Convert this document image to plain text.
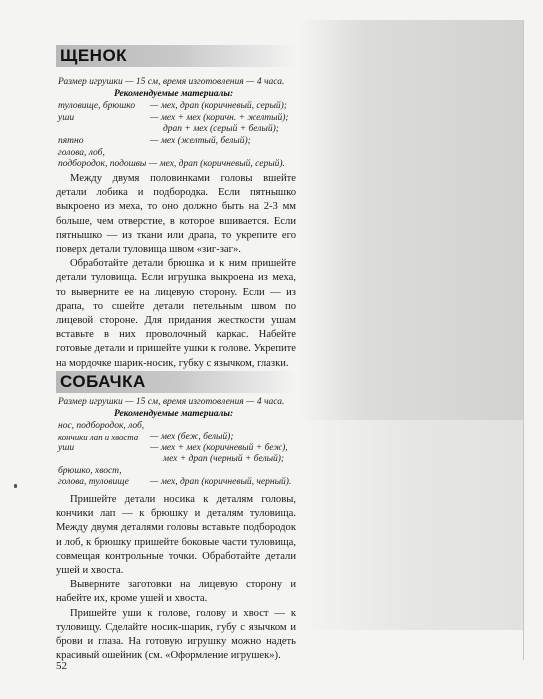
ЩЕНОК
Размер игрушки — 15 см, время изготовления — 4 часа.
Рекомендуемые материалы:
туловище, брюшко — мех, драп (коричневый, серый);
уши	— мех + мех (коричн. + желтый);
драп + мех (серый + белый);
пятно	— мех (желтый, белый);
голова, лоб,
подбородок, подошвы — мех, драп (коричневый, серый).

Между двумя половинками головы вшейте детали лобика и подбородка. Если пятнышко выкроено из меха, то оно должно быть на 2-3 мм больше, чем отверстие, в которое вшивается. Если пятнышко — из ткани или драпа, то укрепите его поверх детали туловища швом «зиг-заг».

Обработайте детали брюшка и к ним пришейте детали туловища. Если игрушка выкроена из меха, то выверните ее на лицевую сторону. Если — из драпа, то сшейте детали петельным швом по лицевой стороне. Для придания жесткости ушам вставьте в них проволочный каркас. Набейте готовые детали и пришейте ушки к голове. Укрепите на мордочке шарик-носик, губку с язычком, глазки.

СОБАЧКА
Размер игрушки — 15 см, время изготовления — 4 часа.
Рекомендуемые материалы:
нос, подбородок, лоб,
кончики лап и хвоста — мех (беж, белый);
уши	— мех + мех (коричневый + беж),
мех + драп (черный + белый);
брюшко, хвост,
голова, туловище — мех, драп (коричневый, черный).

Пришейте детали носика к деталям головы, кончики лап — к брюшку и деталям туловища. Между двумя деталями головы вставьте подбородок и лоб, к брюшку пришейте боковые части туловища, совмещая контрольные точки. Обработайте детали ушей и хвоста.

Выверните заготовки на лицевую сторону и набейте их, кроме ушей и хвоста.

Пришейте уши к голове, голову и хвост — к туловищу. Сделайте носик-шарик, губу с язычком и брови и глаза. На готовую игрушку можно надеть красивый ошейник (см. «Оформление игрушек»).

52
